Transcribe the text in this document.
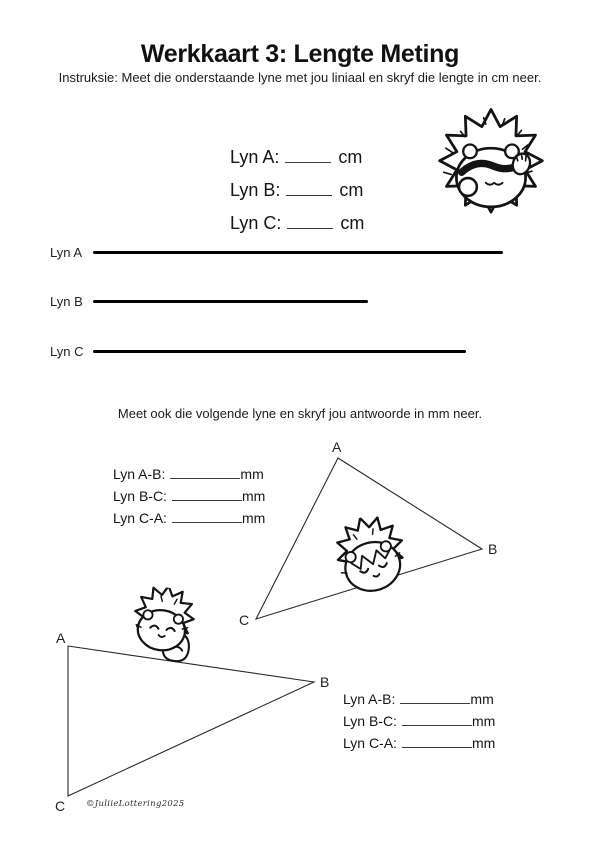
Werkkaart 3: Lengte Meting
Instruksie: Meet die onderstaande lyne met jou liniaal en skryf die lengte in cm neer.
Lyn A:	cm
Lyn B:	cm
Lyn C:	cm
Lyn A
Lyn B
Lyn C
Meet ook die volgende lyne en skryf jou antwoorde in mm neer.
Lyn A-B:	mm
Lyn B-C:	mm
Lyn C-A:	mm
A
B
C
A
B
C
Lyn A-B:	mm
Lyn B-C:	mm
Lyn C-A:	mm
©JuliieLottering2025
